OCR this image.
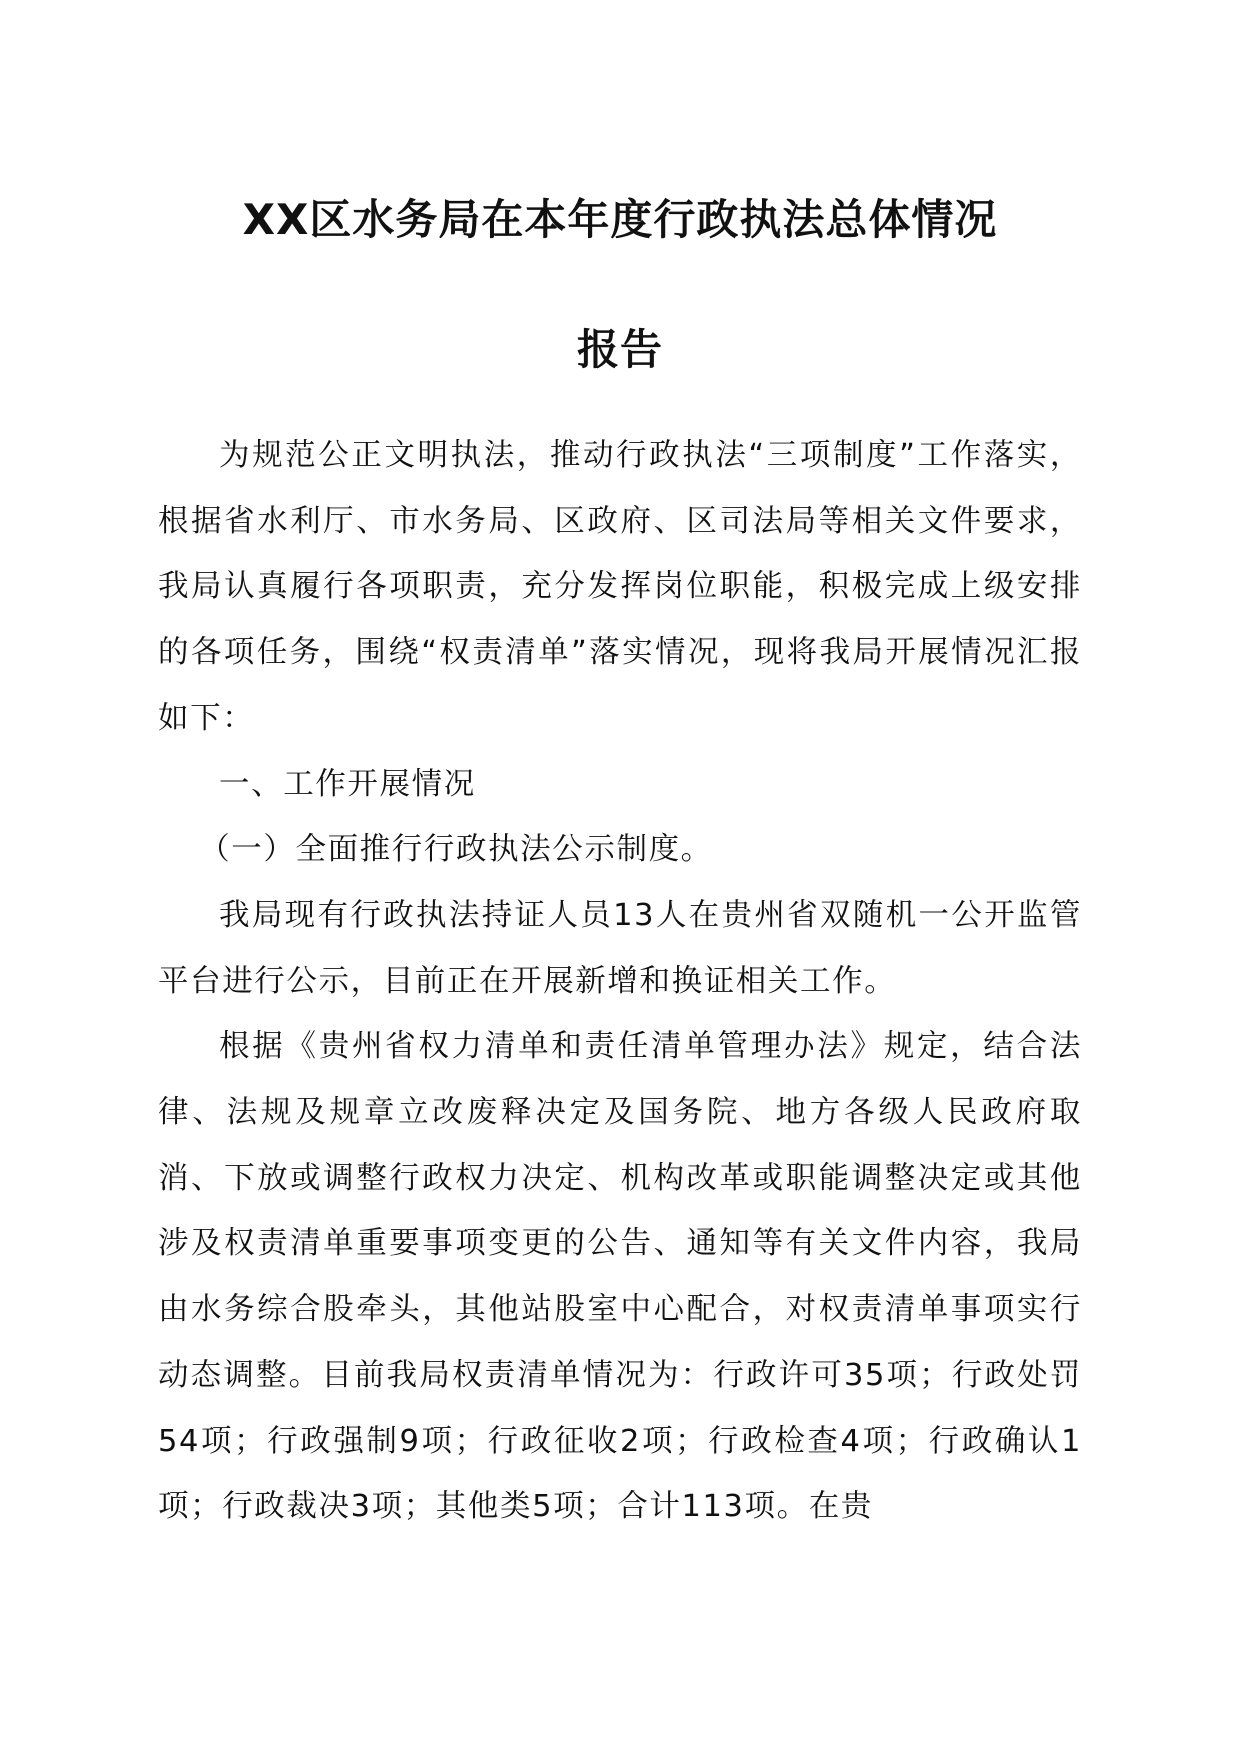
XX区水务局在本年度行政执法总体情况
报告

为规范公正文明执法，推动行政执法“三项制度”工作落实，根据省水利厅、市水务局、区政府、区司法局等相关文件要求，我局认真履行各项职责，充分发挥岗位职能，积极完成上级安排的各项任务，围绕“权责清单”落实情况，现将我局开展情况汇报如下：

一、工作开展情况

（一）全面推行行政执法公示制度。

我局现有行政执法持证人员13人在贵州省双随机一公开监管平台进行公示，目前正在开展新增和换证相关工作。

根据《贵州省权力清单和责任清单管理办法》规定，结合法律、法规及规章立改废释决定及国务院、地方各级人民政府取消、下放或调整行政权力决定、机构改革或职能调整决定或其他涉及权责清单重要事项变更的公告、通知等有关文件内容，我局由水务综合股牵头，其他站股室中心配合，对权责清单事项实行动态调整。目前我局权责清单情况为：行政许可35项；行政处罚54项；行政强制9项；行政征收2项；行政检查4项；行政确认1项；行政裁决3项；其他类5项；合计113项。在贵
